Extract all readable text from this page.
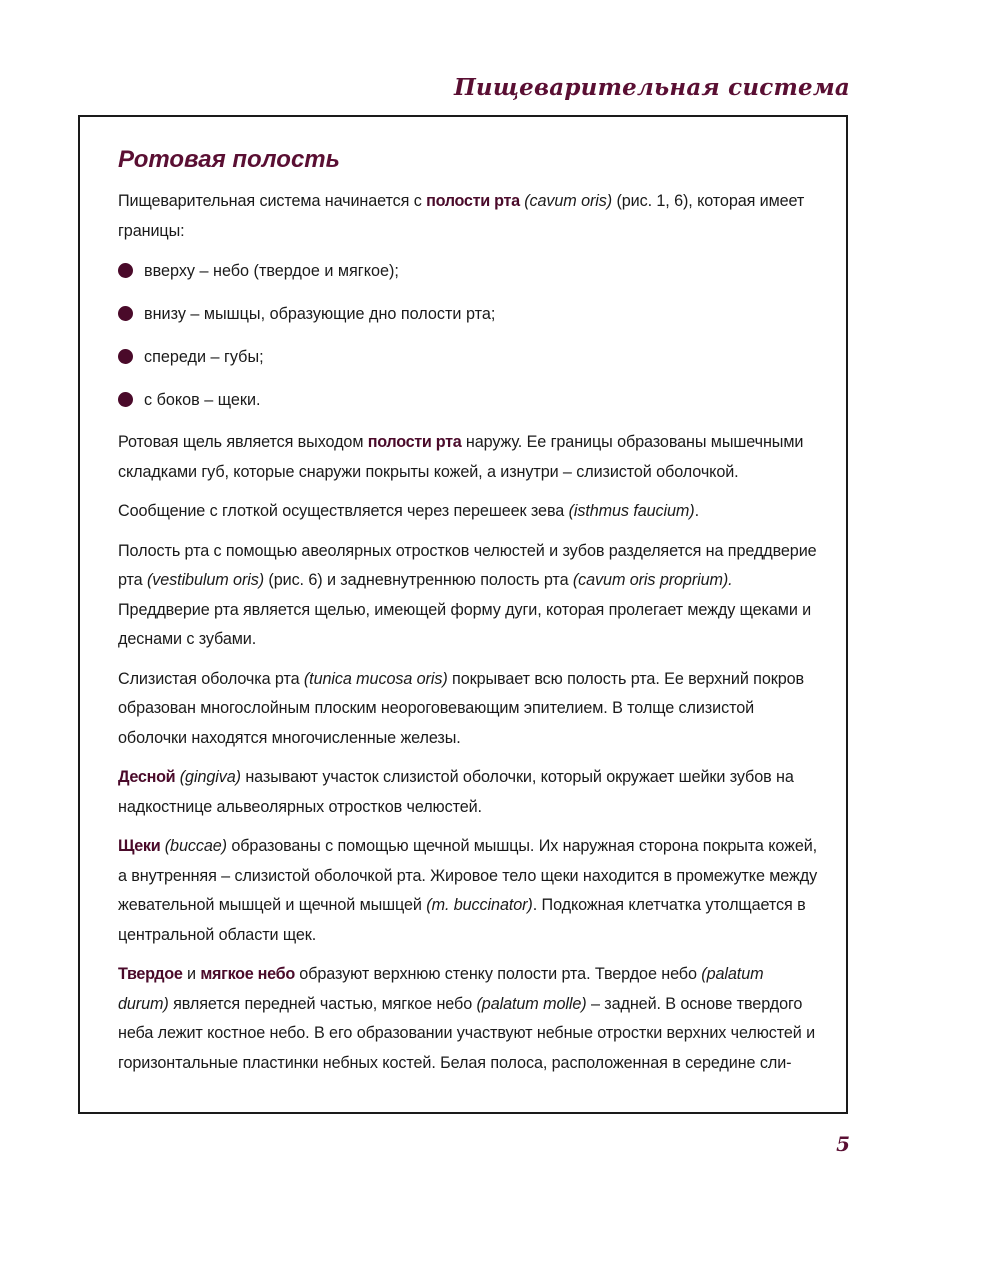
Пищеварительная система
Ротовая полость

Пищеварительная система начинается с полости рта (cavum oris) (рис. 1, 6), которая имеет границы:

вверху – небо (твердое и мягкое);
внизу – мышцы, образующие дно полости рта;
спереди – губы;
с боков – щеки.

Ротовая щель является выходом полости рта наружу. Ее границы образованы мышечными складками губ, которые снаружи покрыты кожей, а изнутри – слизистой оболочкой.

Сообщение с глоткой осуществляется через перешеек зева (isthmus faucium).

Полость рта с помощью авеолярных отростков челюстей и зубов разделяется на преддверие рта (vestibulum oris) (рис. 6) и задневнутреннюю полость рта (cavum oris proprium). Преддверие рта является щелью, имеющей форму дуги, которая пролегает между щеками и деснами с зубами.

Слизистая оболочка рта (tunica mucosa oris) покрывает всю полость рта. Ее верхний покров образован многослойным плоским неороговевающим эпителием. В толще слизистой оболочки находятся многочисленные железы.

Десной (gingiva) называют участок слизистой оболочки, который окружает шейки зубов на надкостнице альвеолярных отростков челюстей.

Щеки (buccae) образованы с помощью щечной мышцы. Их наружная сторона покрыта кожей, а внутренняя – слизистой оболочкой рта. Жировое тело щеки находится в промежутке между жевательной мышцей и щечной мышцей (m. buccinator). Подкожная клетчатка утолщается в центральной области щек.

Твердое и мягкое небо образуют верхнюю стенку полости рта. Твердое небо (palatum durum) является передней частью, мягкое небо (palatum molle) – задней. В основе твердого неба лежит костное небо. В его образовании участвуют небные отростки верхних челюстей и горизонтальные пластинки небных костей. Белая полоса, расположенная в середине сли-

5
